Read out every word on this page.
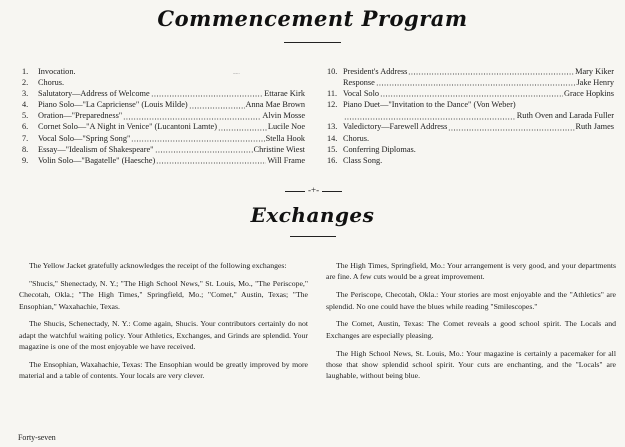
Commencement Program
1.	Invocation.
2.	Chorus.
3.	Salutatory—Address of Welcome	Ettarae Kirk
4.	Piano Solo—"La Capriciense" (Louis Milde)	Anna Mae Brown
5.	Oration—"Preparedness"	Alvin Mosse
6.	Cornet Solo—"A Night in Venice" (Lucantoni Lamte)	Lucile Noe
7.	Vocal Solo—"Spring Song"	Stella Hook
8.	Essay—"Idealism of Shakespeare"	Christine Wiest
9.	Volin Solo—"Bagatelle" (Haesche)	Will Frame
10. President's Address	Mary Kiker
Response	Jake Henry
11. Vocal Solo	Grace Hopkins
12. Piano Duet—"Invitation to the Dance" (Von Weber)
Ruth Oven and Larada Fuller
13. Valedictory—Farewell Address	Ruth James
14. Chorus.
15. Conferring Diplomas.
16. Class Song.
~~·
-+-
Exchanges

The Yellow Jacket gratefully acknowledges the receipt of the following exchanges:

"Shucis," Shenectady, N. Y.; "The High School News," St. Louis, Mo., "The Periscope," Checotah, Okla.; "The High Times," Springfield, Mo.; "Comet," Austin, Texas; "The Ensophian," Waxahachie, Texas.

The Shucis, Schenectady, N. Y.: Come again, Shucis. Your contributors certainly do not adapt the watchful waiting policy. Your Athletics, Exchanges, and Grinds are splendid. Your magazine is one of the most enjoyable we have received.

The Ensophian, Waxahachie, Texas: The Ensophian would be greatly improved by more material and a table of contents. Your locals are very clever.

The High Times, Springfield, Mo.: Your arrangement is very good, and your departments are fine. A few cuts would be a great improvement.

The Periscope, Checotah, Okla.: Your stories are most enjoyable and the "Athletics" are splendid. No one could have the blues while reading "Smilescopes."

The Comet, Austin, Texas: The Comet reveals a good school spirit. The Locals and Exchanges are especially pleasing.

The High School News, St. Louis, Mo.: Your magazine is certainly a pacemaker for all those that show splendid school spirit. Your cuts are enchanting, and the "Locals" are laughable, without being blue.

Forty-seven
